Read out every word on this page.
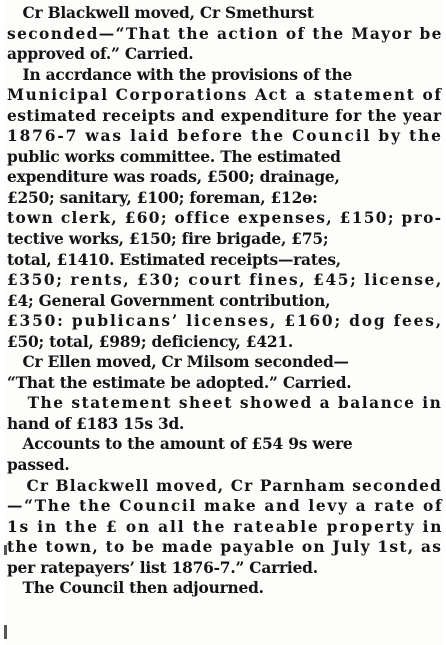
Cr Blackwell moved, Cr Smethurst
seconded—“That the action of the Mayor be
approved of.” Carried.

In accrdance with the provisions of the
Municipal Corporations Act a statement of
estimated receipts and expenditure for the year
1876-7 was laid before the Council by the
public works committee. The estimated
expenditure was roads, £500; drainage,
£250; sanitary, £100; foreman, £12ɵ:
town clerk, £60; office expenses, £150; pro-
tective works, £150; fire brigade, £75;
total, £1410. Estimated receipts—rates,
£350; rents, £30; court fines, £45; license,
£4; General Government contribution,
£350: publicans’ licenses, £160; dog fees,
£50; total, £989; deficiency, £421.

Cr Ellen moved, Cr Milsom seconded—
“That the estimate be adopted.” Carried.

The statement sheet showed a balance in
hand of £183 15s 3d.

Accounts to the amount of £54 9s were
passed.

Cr Blackwell moved, Cr Parnham seconded
—“The the Council make and levy a rate of
1s in the £ on all the rateable property in
the town, to be made payable on July 1st, as
per ratepayers’ list 1876-7.” Carried.

The Council then adjourned.
